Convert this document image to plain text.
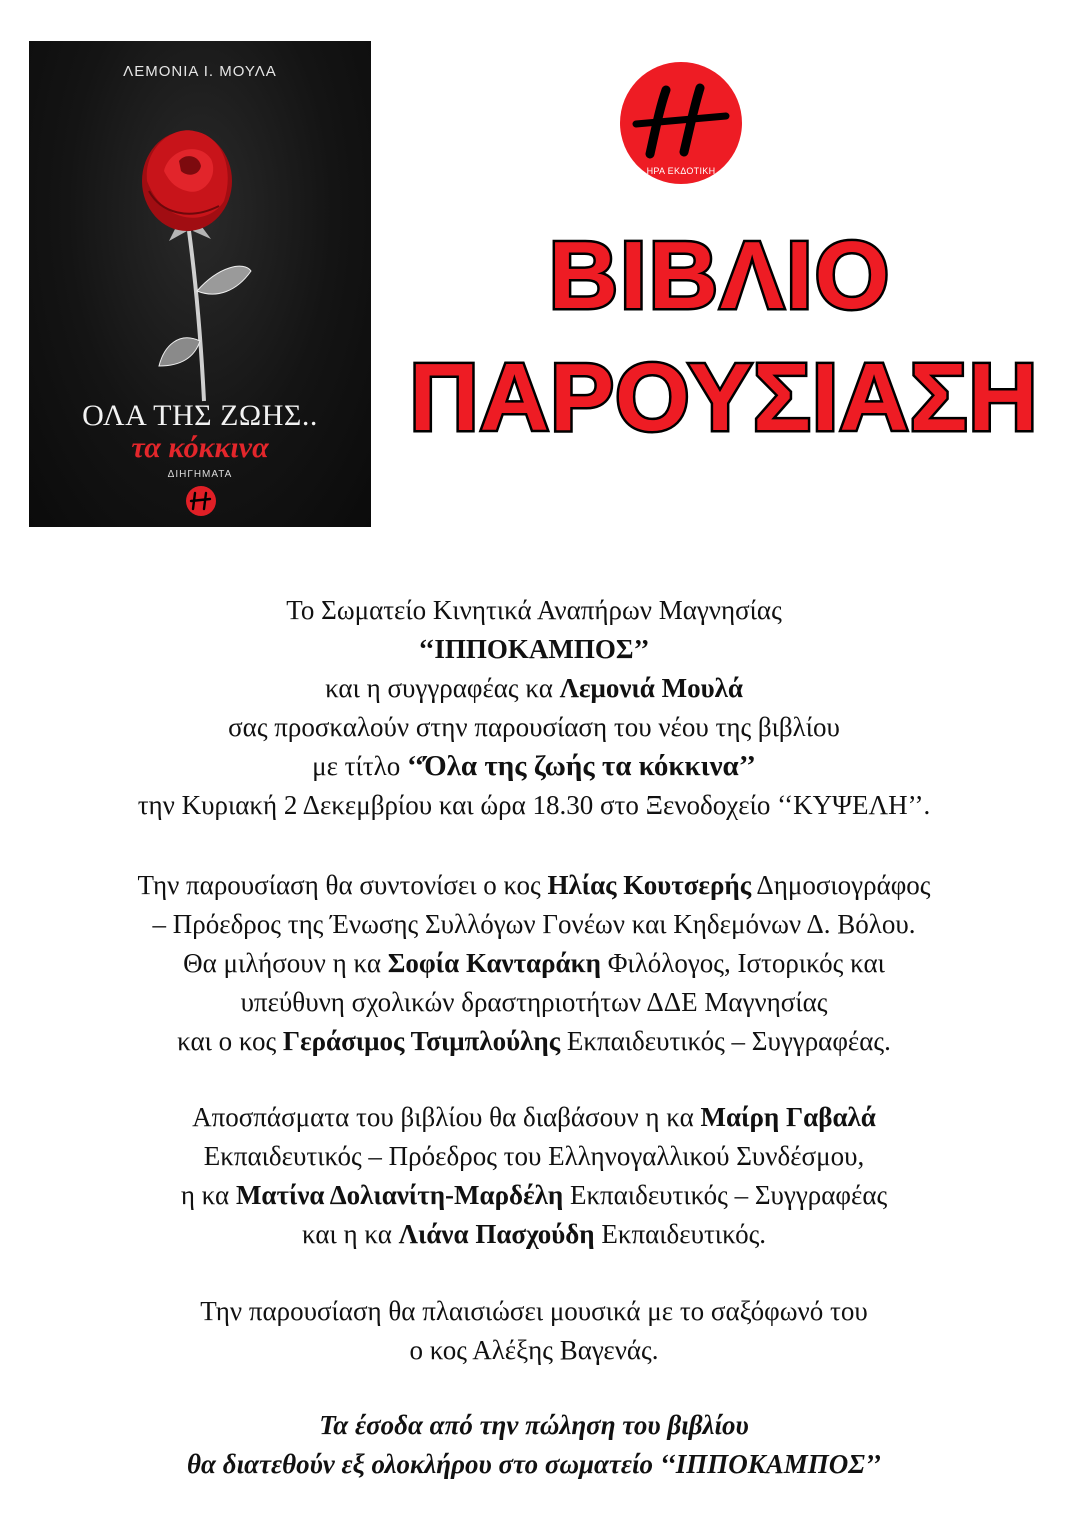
ΛΕΜΟΝΙΑ Ι. ΜΟΥΛΑ
ΟΛΑ ΤΗΣ ΖΩΗΣ..
τα κόκκινα
ΔΙΗΓΗΜΑΤΑ
ΗΡΑ ΕΚΔΟΤΙΚΗ
ΒΙΒΛΙΟ
ΠΑΡΟΥΣΙΑΣΗ
Το Σωματείο Κινητικά Αναπήρων Μαγνησίας
‘‘ΙΠΠΟΚΑΜΠΟΣ’’
και η συγγραφέας κα Λεμονιά Μουλά
σας προσκαλούν στην παρουσίαση του νέου της βιβλίου
με τίτλο ‘‘Όλα της ζωής τα κόκκινα’’
την Κυριακή 2 Δεκεμβρίου και ώρα 18.30 στο Ξενοδοχείο ‘‘ΚΥΨΕΛΗ’’.
Την παρουσίαση θα συντονίσει ο κος Ηλίας Κουτσερής Δημοσιογράφος
– Πρόεδρος της Ένωσης Συλλόγων Γονέων και Κηδεμόνων Δ. Βόλου.
Θα μιλήσουν η κα Σοφία Κανταράκη Φιλόλογος, Ιστορικός και
υπεύθυνη σχολικών δραστηριοτήτων ΔΔΕ Μαγνησίας
και ο κος Γεράσιμος Τσιμπλούλης Εκπαιδευτικός – Συγγραφέας.
Αποσπάσματα του βιβλίου θα διαβάσουν η κα Μαίρη Γαβαλά
Εκπαιδευτικός – Πρόεδρος του Ελληνογαλλικού Συνδέσμου,
η κα Ματίνα Δολιανίτη-Μαρδέλη Εκπαιδευτικός – Συγγραφέας
και η κα Λιάνα Πασχούδη Εκπαιδευτικός.
Την παρουσίαση θα πλαισιώσει μουσικά με το σαξόφωνό του
ο κος Αλέξης Βαγενάς.
Τα έσοδα από την πώληση του βιβλίου
θα διατεθούν εξ ολοκλήρου στο σωματείο ‘‘ΙΠΠΟΚΑΜΠΟΣ’’
